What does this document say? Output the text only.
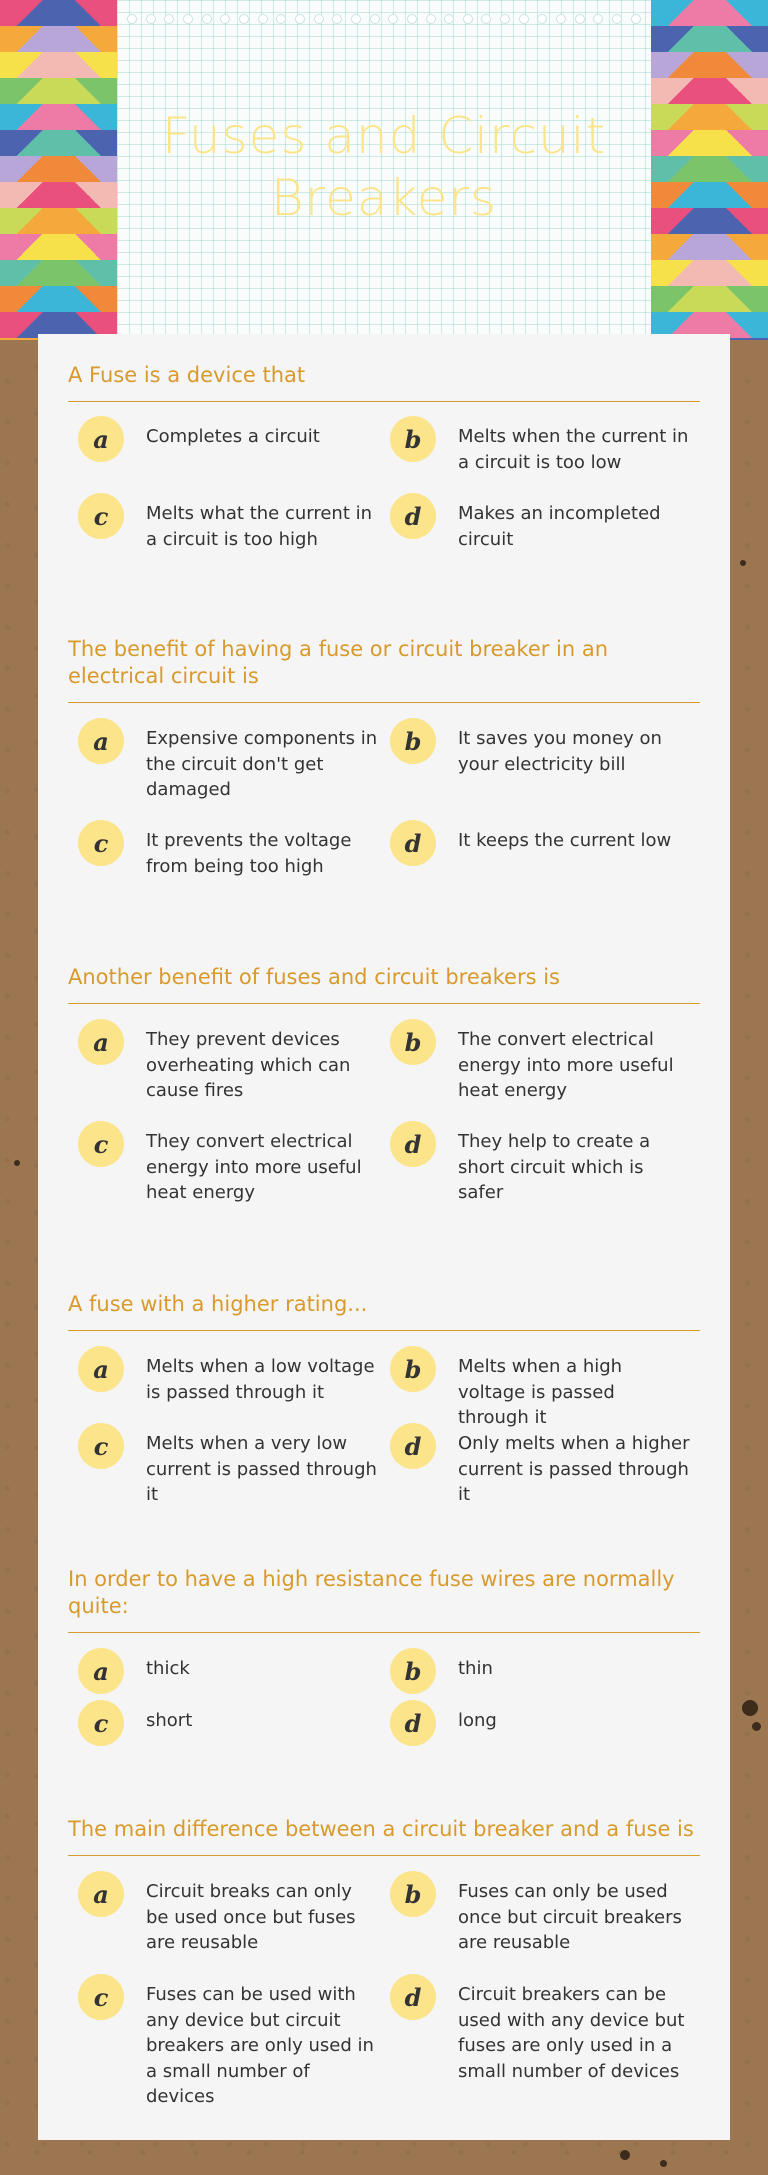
Fuses and Circuit Breakers
A Fuse is a device that
a	Completes a circuit	b	Melts when the current in a circuit is too low
c	Melts what the current in a circuit is too high
d	Makes an incompleted circuit
The benefit of having a fuse or circuit breaker in an electrical circuit is
a	Expensive components in the circuit don't get damaged
b	It saves you money on your electricity bill
c	It prevents the voltage from being too high
d	It keeps the current low
Another benefit of fuses and circuit breakers is
a	They prevent devices overheating which can cause fires
b	The convert electrical energy into more useful heat energy
c	They convert electrical energy into more useful heat energy
d	They help to create a short circuit which is safer
A fuse with a higher rating...
a	Melts when a low voltage is passed through it
b	Melts when a high voltage is passed through it
c	Melts when a very low current is passed through it
d	Only melts when a higher current is passed through it
In order to have a high resistance fuse wires are normally quite:
a	thick	b	thin
c	short	d	long
The main difference between a circuit breaker and a fuse is
a	Circuit breaks can only be used once but fuses are reusable
b	Fuses can only be used once but circuit breakers are reusable
c	Fuses can be used with any device but circuit breakers are only used in a small number of devices
d	Circuit breakers can be used with any device but fuses are only used in a small number of devices
